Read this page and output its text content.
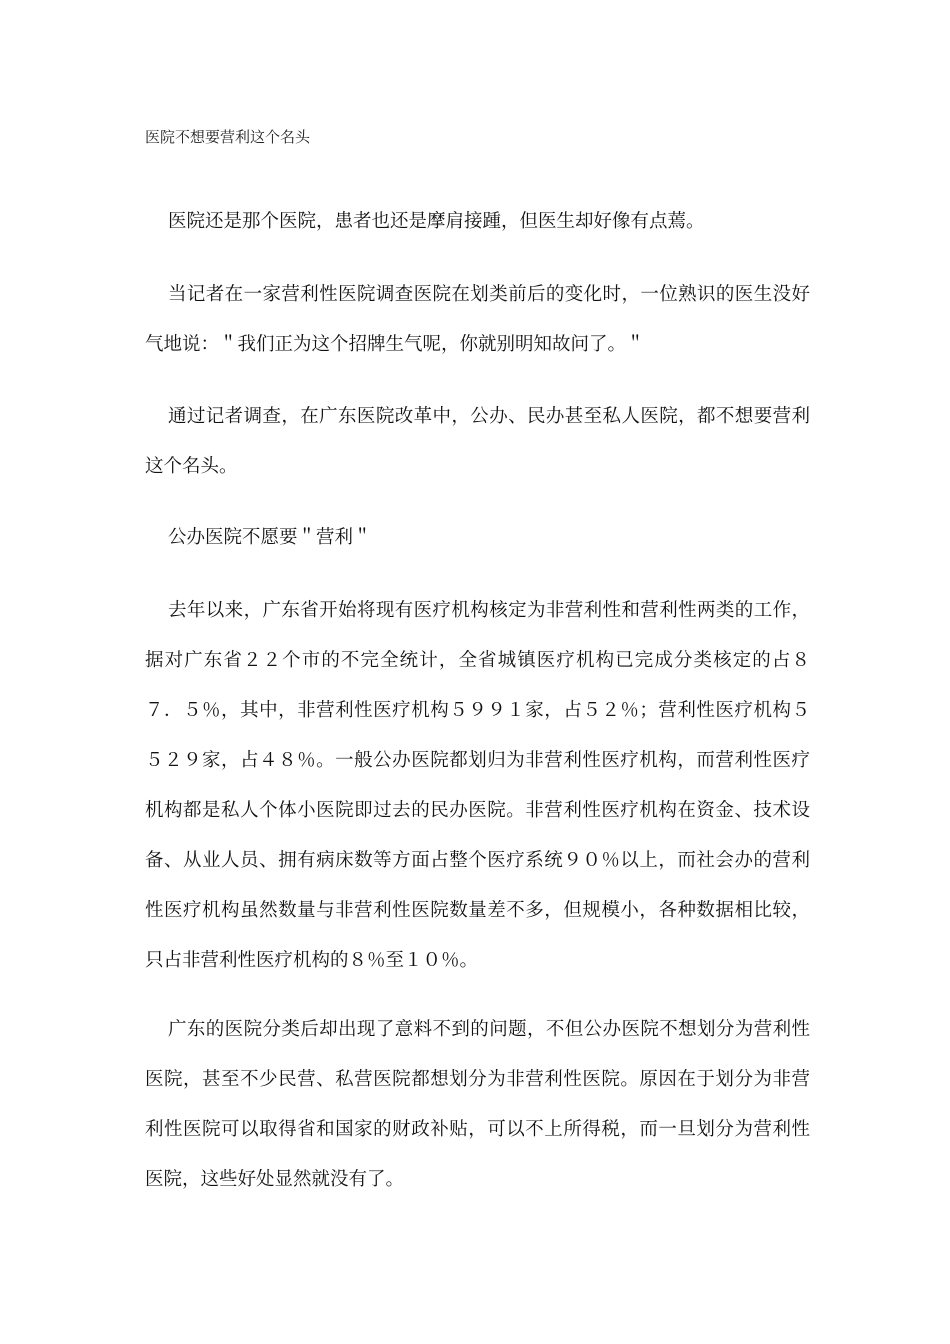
医院不想要营利这个名头

医院还是那个医院，患者也还是摩肩接踵，但医生却好像有点蔫。

当记者在一家营利性医院调查医院在划类前后的变化时，一位熟识的医生没好气地说：＂我们正为这个招牌生气呢，你就别明知故问了。＂

通过记者调查，在广东医院改革中，公办、民办甚至私人医院，都不想要营利这个名头。

公办医院不愿要＂营利＂

去年以来，广东省开始将现有医疗机构核定为非营利性和营利性两类的工作，据对广东省２２个市的不完全统计，全省城镇医疗机构已完成分类核定的占８７．５％，其中，非营利性医疗机构５９９１家，占５２％；营利性医疗机构５５２９家，占４８％。一般公办医院都划归为非营利性医疗机构，而营利性医疗机构都是私人个体小医院即过去的民办医院。非营利性医疗机构在资金、技术设备、从业人员、拥有病床数等方面占整个医疗系统９０％以上，而社会办的营利性医疗机构虽然数量与非营利性医院数量差不多，但规模小，各种数据相比较，只占非营利性医疗机构的８％至１０％。

广东的医院分类后却出现了意料不到的问题，不但公办医院不想划分为营利性医院，甚至不少民营、私营医院都想划分为非营利性医院。原因在于划分为非营利性医院可以取得省和国家的财政补贴，可以不上所得税，而一旦划分为营利性医院，这些好处显然就没有了。
